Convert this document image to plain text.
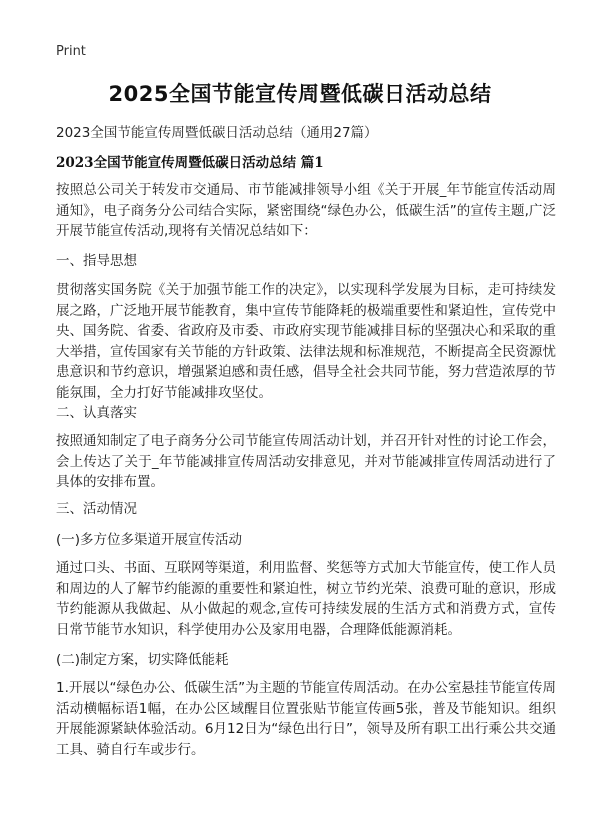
Print
2025全国节能宣传周暨低碳日活动总结

2023全国节能宣传周暨低碳日活动总结（通用27篇）

2023全国节能宣传周暨低碳日活动总结 篇1

按照总公司关于转发市交通局、市节能减排领导小组《关于开展_年节能宣传活动周通知》，电子商务分公司结合实际，紧密围绕“绿色办公，低碳生活”的宣传主题,广泛开展节能宣传活动,现将有关情况总结如下：

一、指导思想

贯彻落实国务院《关于加强节能工作的决定》，以实现科学发展为目标，走可持续发展之路，广泛地开展节能教育，集中宣传节能降耗的极端重要性和紧迫性，宣传党中央、国务院、省委、省政府及市委、市政府实现节能减排目标的坚强决心和采取的重大举措，宣传国家有关节能的方针政策、法律法规和标准规范，不断提高全民资源忧患意识和节约意识，增强紧迫感和责任感，倡导全社会共同节能，努力营造浓厚的节能氛围，全力打好节能减排攻坚仗。

二、认真落实

按照通知制定了电子商务分公司节能宣传周活动计划，并召开针对性的讨论工作会，会上传达了关于_年节能减排宣传周活动安排意见，并对节能减排宣传周活动进行了具体的安排布置。

三、活动情况

(一)多方位多渠道开展宣传活动

通过口头、书面、互联网等渠道，利用监督、奖惩等方式加大节能宣传，使工作人员和周边的人了解节约能源的重要性和紧迫性，树立节约光荣、浪费可耻的意识，形成节约能源从我做起、从小做起的观念,宣传可持续发展的生活方式和消费方式，宣传日常节能节水知识，科学使用办公及家用电器，合理降低能源消耗。

(二)制定方案，切实降低能耗

1.开展以“绿色办公、低碳生活”为主题的节能宣传周活动。在办公室悬挂节能宣传周活动横幅标语1幅，在办公区域醒目位置张贴节能宣传画5张，普及节能知识。组织开展能源紧缺体验活动。6月12日为“绿色出行日”，领导及所有职工出行乘公共交通工具、骑自行车或步行。
